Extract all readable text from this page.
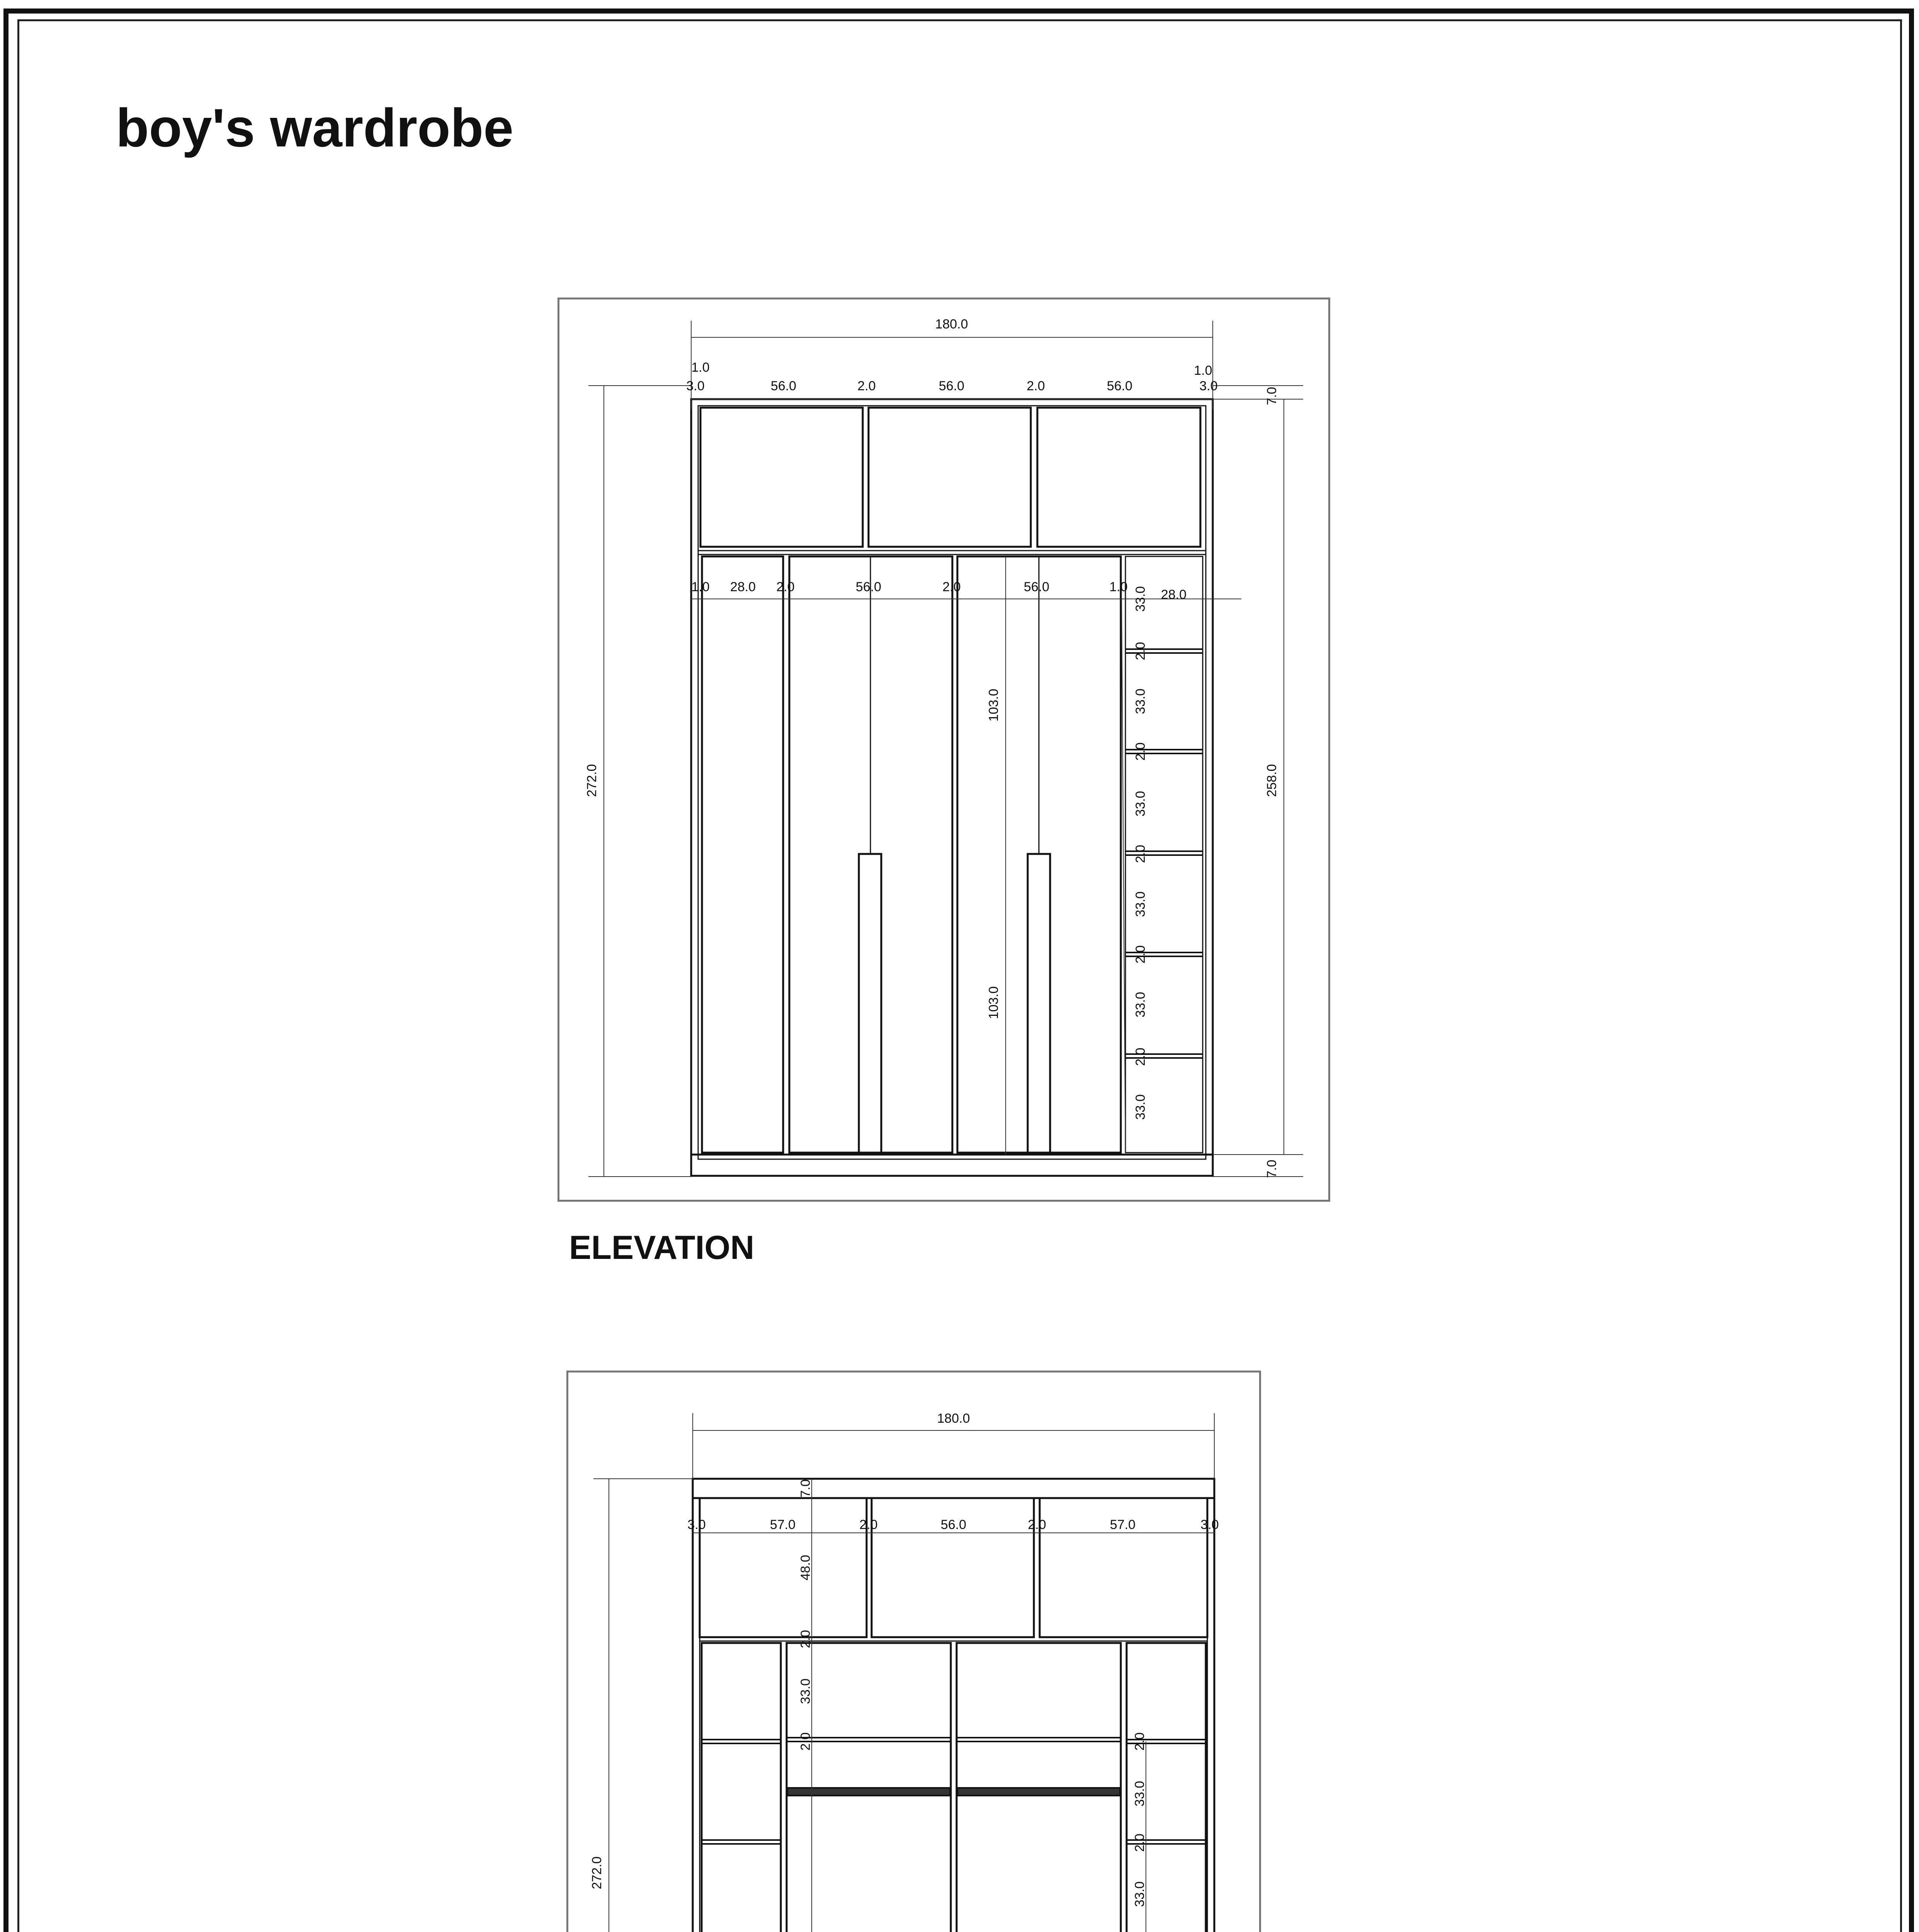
boy's wardrobe
180.0
1.0	1.0
3.0	56.0	2.0	56.0	2.0	56.0	3.0
1.0 28.0 2.0	56.0	2.0	56.0	1.0
28.0
272.0	258.0
7.0
7.0
103.0
103.0
33.0
2.0
33.0
2.0
33.0
2.0
33.0
2.0
33.0
2.0
33.0
ELEVATION
180.0
3.0	57.0	2.0	56.0	2.0	57.0	3.0
272.0
7.0
48.0
2.0
33.0
2.0	2.0
33.0
2.0
33.0
